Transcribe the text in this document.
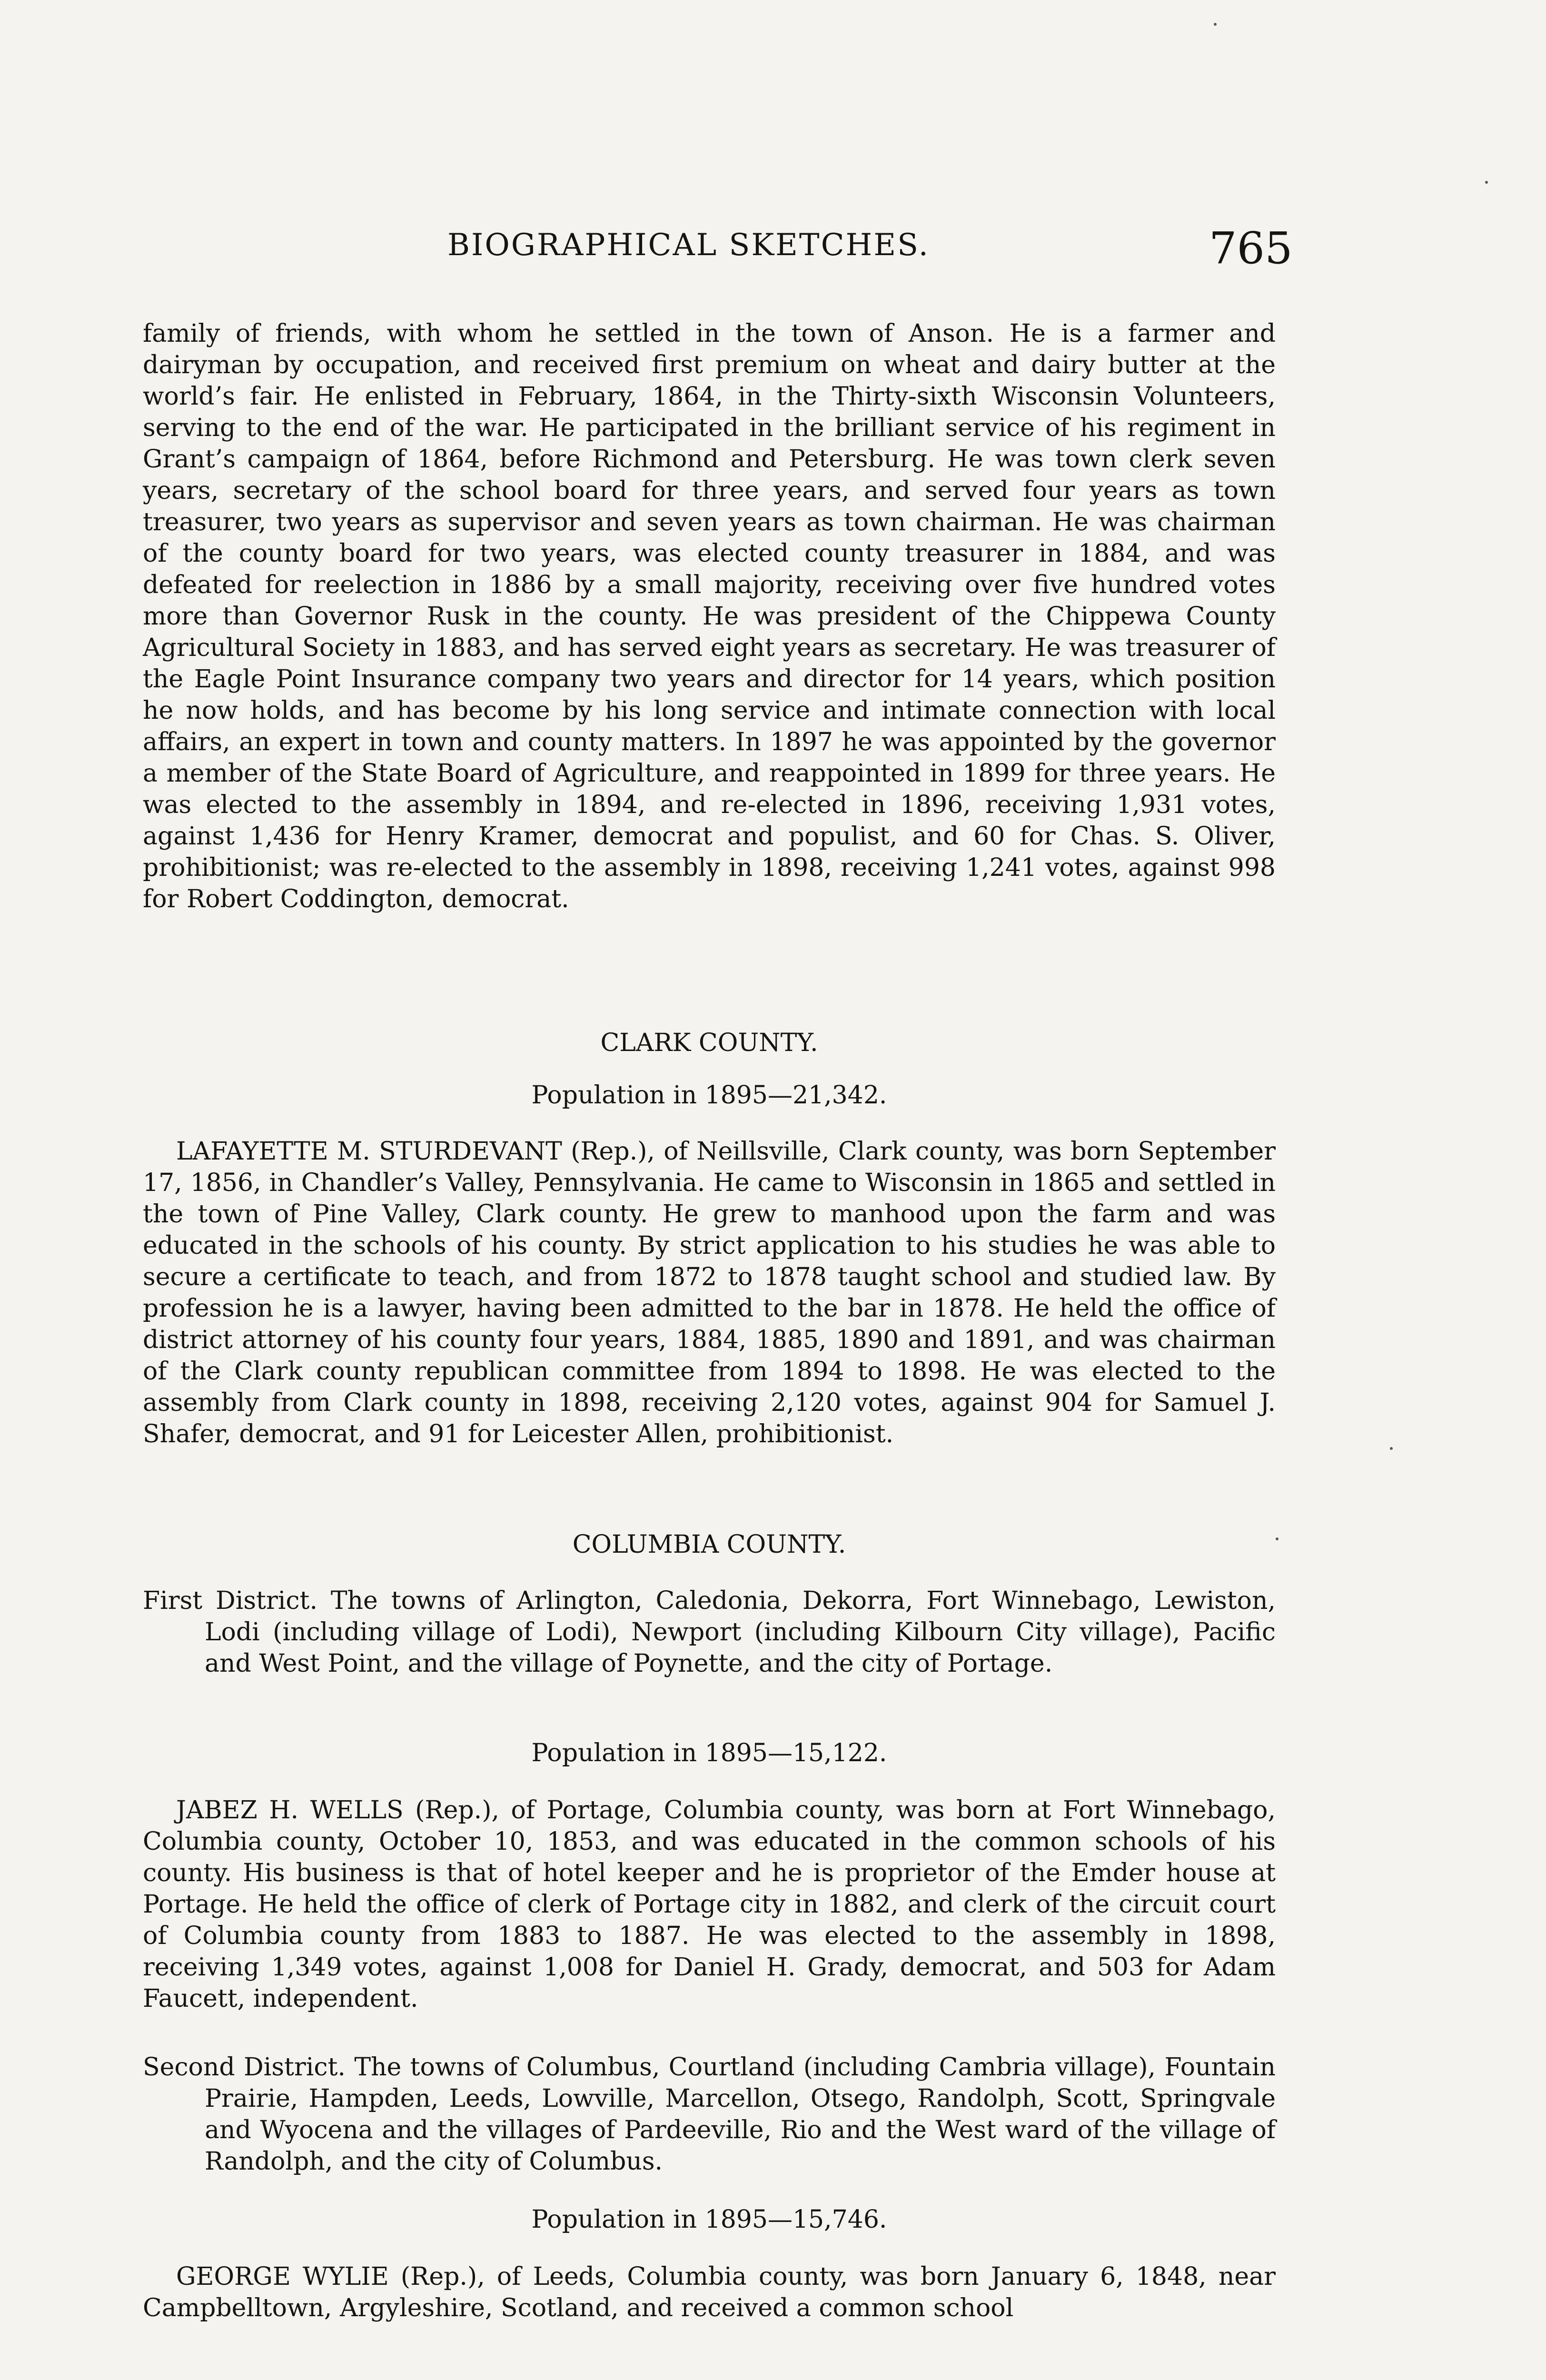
BIOGRAPHICAL SKETCHES.	765

family of friends, with whom he settled in the town of Anson. He is a farmer and dairyman by occupation, and received first premium on wheat and dairy butter at the world’s fair. He enlisted in February, 1864, in the Thirty-sixth Wisconsin Volunteers, serving to the end of the war. He participated in the brilliant service of his regiment in Grant’s campaign of 1864, before Richmond and Petersburg. He was town clerk seven years, secretary of the school board for three years, and served four years as town treasurer, two years as supervisor and seven years as town chairman. He was chairman of the county board for two years, was elected county treasurer in 1884, and was defeated for reelection in 1886 by a small majority, receiving over five hundred votes more than Governor Rusk in the county. He was president of the Chippewa County Agricultural Society in 1883, and has served eight years as secretary. He was treasurer of the Eagle Point Insurance company two years and director for 14 years, which position he now holds, and has become by his long service and intimate connection with local affairs, an expert in town and county matters. In 1897 he was appointed by the governor a member of the State Board of Agriculture, and reappointed in 1899 for three years. He was elected to the assembly in 1894, and re-elected in 1896, receiving 1,931 votes, against 1,436 for Henry Kramer, democrat and populist, and 60 for Chas. S. Oliver, prohibitionist; was re-elected to the assembly in 1898, receiving 1,241 votes, against 998 for Robert Coddington, democrat.

CLARK COUNTY.
Population in 1895—21,342.

LAFAYETTE M. STURDEVANT (Rep.), of Neillsville, Clark county, was born September 17, 1856, in Chandler’s Valley, Pennsylvania. He came to Wisconsin in 1865 and settled in the town of Pine Valley, Clark county. He grew to manhood upon the farm and was educated in the schools of his county. By strict application to his studies he was able to secure a certificate to teach, and from 1872 to 1878 taught school and studied law. By profession he is a lawyer, having been admitted to the bar in 1878. He held the office of district attorney of his county four years, 1884, 1885, 1890 and 1891, and was chairman of the Clark county republican committee from 1894 to 1898. He was elected to the assembly from Clark county in 1898, receiving 2,120 votes, against 904 for Samuel J. Shafer, democrat, and 91 for Leicester Allen, prohibitionist.

COLUMBIA COUNTY.

First District. The towns of Arlington, Caledonia, Dekorra, Fort Winnebago, Lewiston, Lodi (including village of Lodi), Newport (including Kilbourn City village), Pacific and West Point, and the village of Poynette, and the city of Portage.

Population in 1895—15,122.

JABEZ H. WELLS (Rep.), of Portage, Columbia county, was born at Fort Winnebago, Columbia county, October 10, 1853, and was educated in the common schools of his county. His business is that of hotel keeper and he is proprietor of the Emder house at Portage. He held the office of clerk of Portage city in 1882, and clerk of the circuit court of Columbia county from 1883 to 1887. He was elected to the assembly in 1898, receiving 1,349 votes, against 1,008 for Daniel H. Grady, democrat, and 503 for Adam Faucett, independent.

Second District. The towns of Columbus, Courtland (including Cambria village), Fountain Prairie, Hampden, Leeds, Lowville, Marcellon, Otsego, Randolph, Scott, Springvale and Wyocena and the villages of Pardeeville, Rio and the West ward of the village of Randolph, and the city of Columbus.

Population in 1895—15,746.

GEORGE WYLIE (Rep.), of Leeds, Columbia county, was born January 6, 1848, near Campbelltown, Argyleshire, Scotland, and received a common school
